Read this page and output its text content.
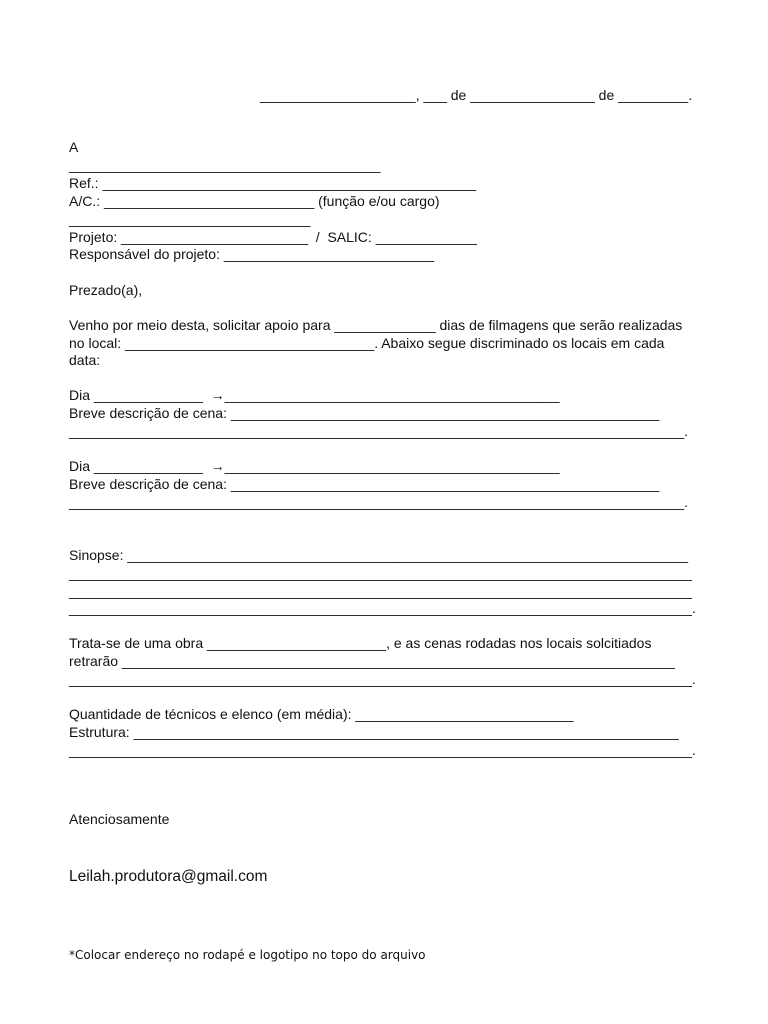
____________________, ___ de ________________ de _________.
A
________________________________________
Ref.: ________________________________________________
A/C.: ___________________________ (função e/ou cargo)
_______________________________
Projeto: ________________________  /  SALIC: _____________
Responsável do projeto: ___________________________
Prezado(a),
Venho por meio desta, solicitar apoio para _____________ dias de filmagens que serão realizadas
no local: ________________________________. Abaixo segue discriminado os locais em cada
data:
Dia ______________  →___________________________________________
Breve descrição de cena: _______________________________________________________
_______________________________________________________________________________.
Dia ______________  →___________________________________________
Breve descrição de cena: _______________________________________________________
_______________________________________________________________________________.
Sinopse: ________________________________________________________________________
________________________________________________________________________________
________________________________________________________________________________
________________________________________________________________________________.
Trata-se de uma obra _______________________, e as cenas rodadas nos locais solcitiados
retrarão _______________________________________________________________________
________________________________________________________________________________.
Quantidade de técnicos e elenco (em média): ____________________________
Estrutura: ______________________________________________________________________
________________________________________________________________________________.
Atenciosamente
Leilah.produtora@gmail.com
*Colocar endereço no rodapé e logotipo no topo do arquivo
